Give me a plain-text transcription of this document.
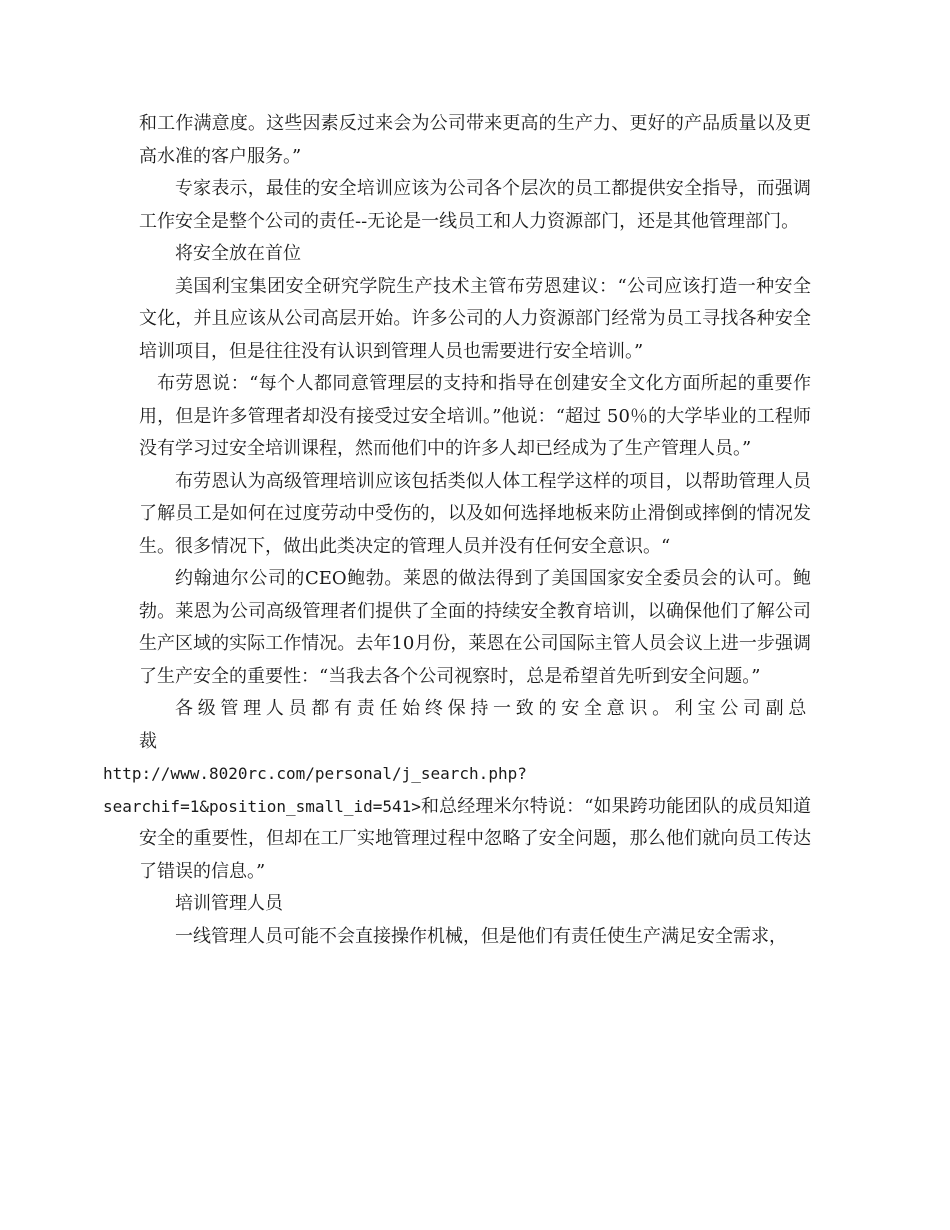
和工作满意度。这些因素反过来会为公司带来更高的生产力、更好的产品质量以及更高水准的客户服务。”

专家表示，最佳的安全培训应该为公司各个层次的员工都提供安全指导，而强调工作安全是整个公司的责任--无论是一线员工和人力资源部门，还是其他管理部门。

将安全放在首位

美国利宝集团安全研究学院生产技术主管布劳恩建议：“公司应该打造一种安全文化，并且应该从公司高层开始。许多公司的人力资源部门经常为员工寻找各种安全培训项目，但是往往没有认识到管理人员也需要进行安全培训。”

布劳恩说：“每个人都同意管理层的支持和指导在创建安全文化方面所起的重要作用，但是许多管理者却没有接受过安全培训。”他说：“超过 50％的大学毕业的工程师没有学习过安全培训课程，然而他们中的许多人却已经成为了生产管理人员。”

布劳恩认为高级管理培训应该包括类似人体工程学这样的项目，以帮助管理人员了解员工是如何在过度劳动中受伤的，以及如何选择地板来防止滑倒或摔倒的情况发生。很多情况下，做出此类决定的管理人员并没有任何安全意识。“

约翰迪尔公司的CEO鲍勃。莱恩的做法得到了美国国家安全委员会的认可。鲍勃。莱恩为公司高级管理者们提供了全面的持续安全教育培训，以确保他们了解公司生产区域的实际工作情况。去年10月份，莱恩在公司国际主管人员会议上进一步强调了生产安全的重要性：“当我去各个公司视察时，总是希望首先听到安全问题。”

各级管理人员都有责任始终保持一致的安全意识。利宝公司副总裁
http://www.8020rc.com/personal/j_search.php?
searchif=1&position_small_id=541>和总经理米尔特说：“如果跨功能团队的成员知道安全的重要性，但却在工厂实地管理过程中忽略了安全问题，那么他们就向员工传达了错误的信息。”

培训管理人员

一线管理人员可能不会直接操作机械，但是他们有责任使生产满足安全需求，
